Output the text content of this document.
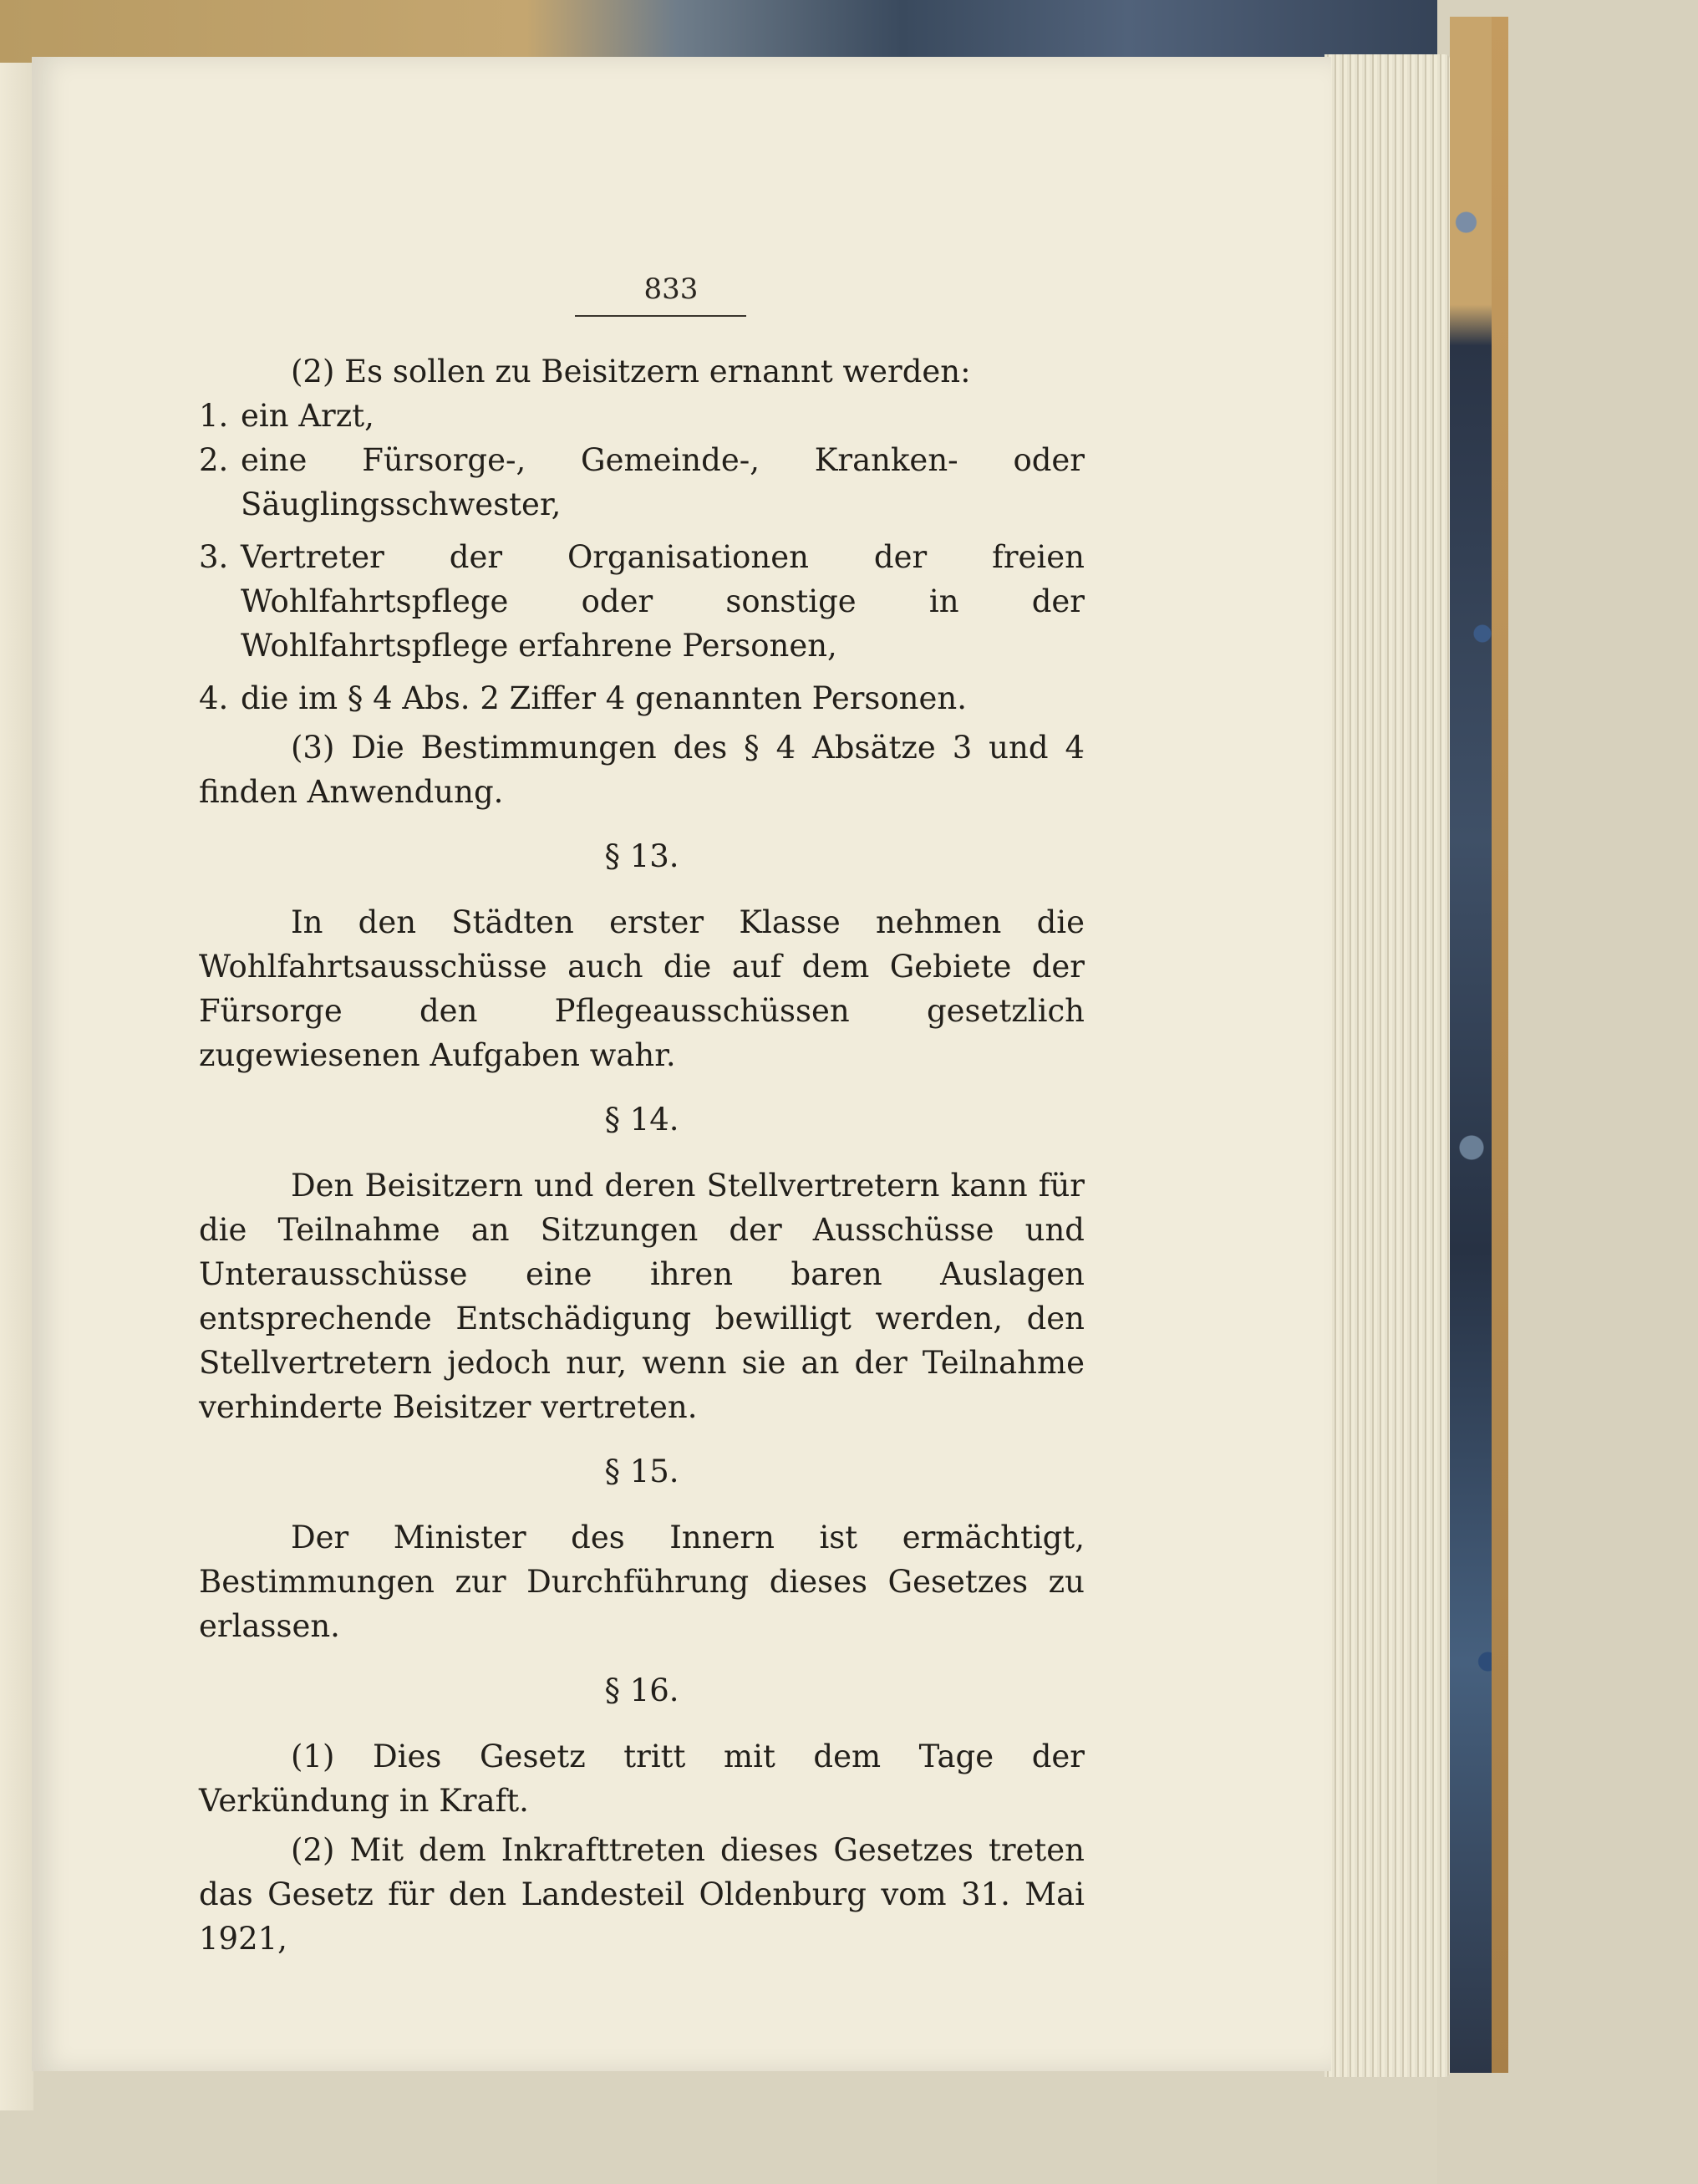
833

(2) Es sollen zu Beisitzern ernannt werden:

1. ein Arzt,
2. eine Fürsorge-, Gemeinde-, Kranken- oder Säuglingsschwester,
3. Vertreter der Organisationen der freien Wohlfahrtspflege oder sonstige in der Wohlfahrtspflege erfahrene Personen,
4. die im § 4 Abs. 2 Ziffer 4 genannten Personen.

(3) Die Bestimmungen des § 4 Absätze 3 und 4 finden Anwendung.

§ 13.

In den Städten erster Klasse nehmen die Wohlfahrtsausschüsse auch die auf dem Gebiete der Fürsorge den Pflegeausschüssen gesetzlich zugewiesenen Aufgaben wahr.

§ 14.

Den Beisitzern und deren Stellvertretern kann für die Teilnahme an Sitzungen der Ausschüsse und Unterausschüsse eine ihren baren Auslagen entsprechende Entschädigung bewilligt werden, den Stellvertretern jedoch nur, wenn sie an der Teilnahme verhinderte Beisitzer vertreten.

§ 15.

Der Minister des Innern ist ermächtigt, Bestimmungen zur Durchführung dieses Gesetzes zu erlassen.

§ 16.

(1) Dies Gesetz tritt mit dem Tage der Verkündung in Kraft.

(2) Mit dem Inkrafttreten dieses Gesetzes treten das Gesetz für den Landesteil Oldenburg vom 31. Mai 1921,
